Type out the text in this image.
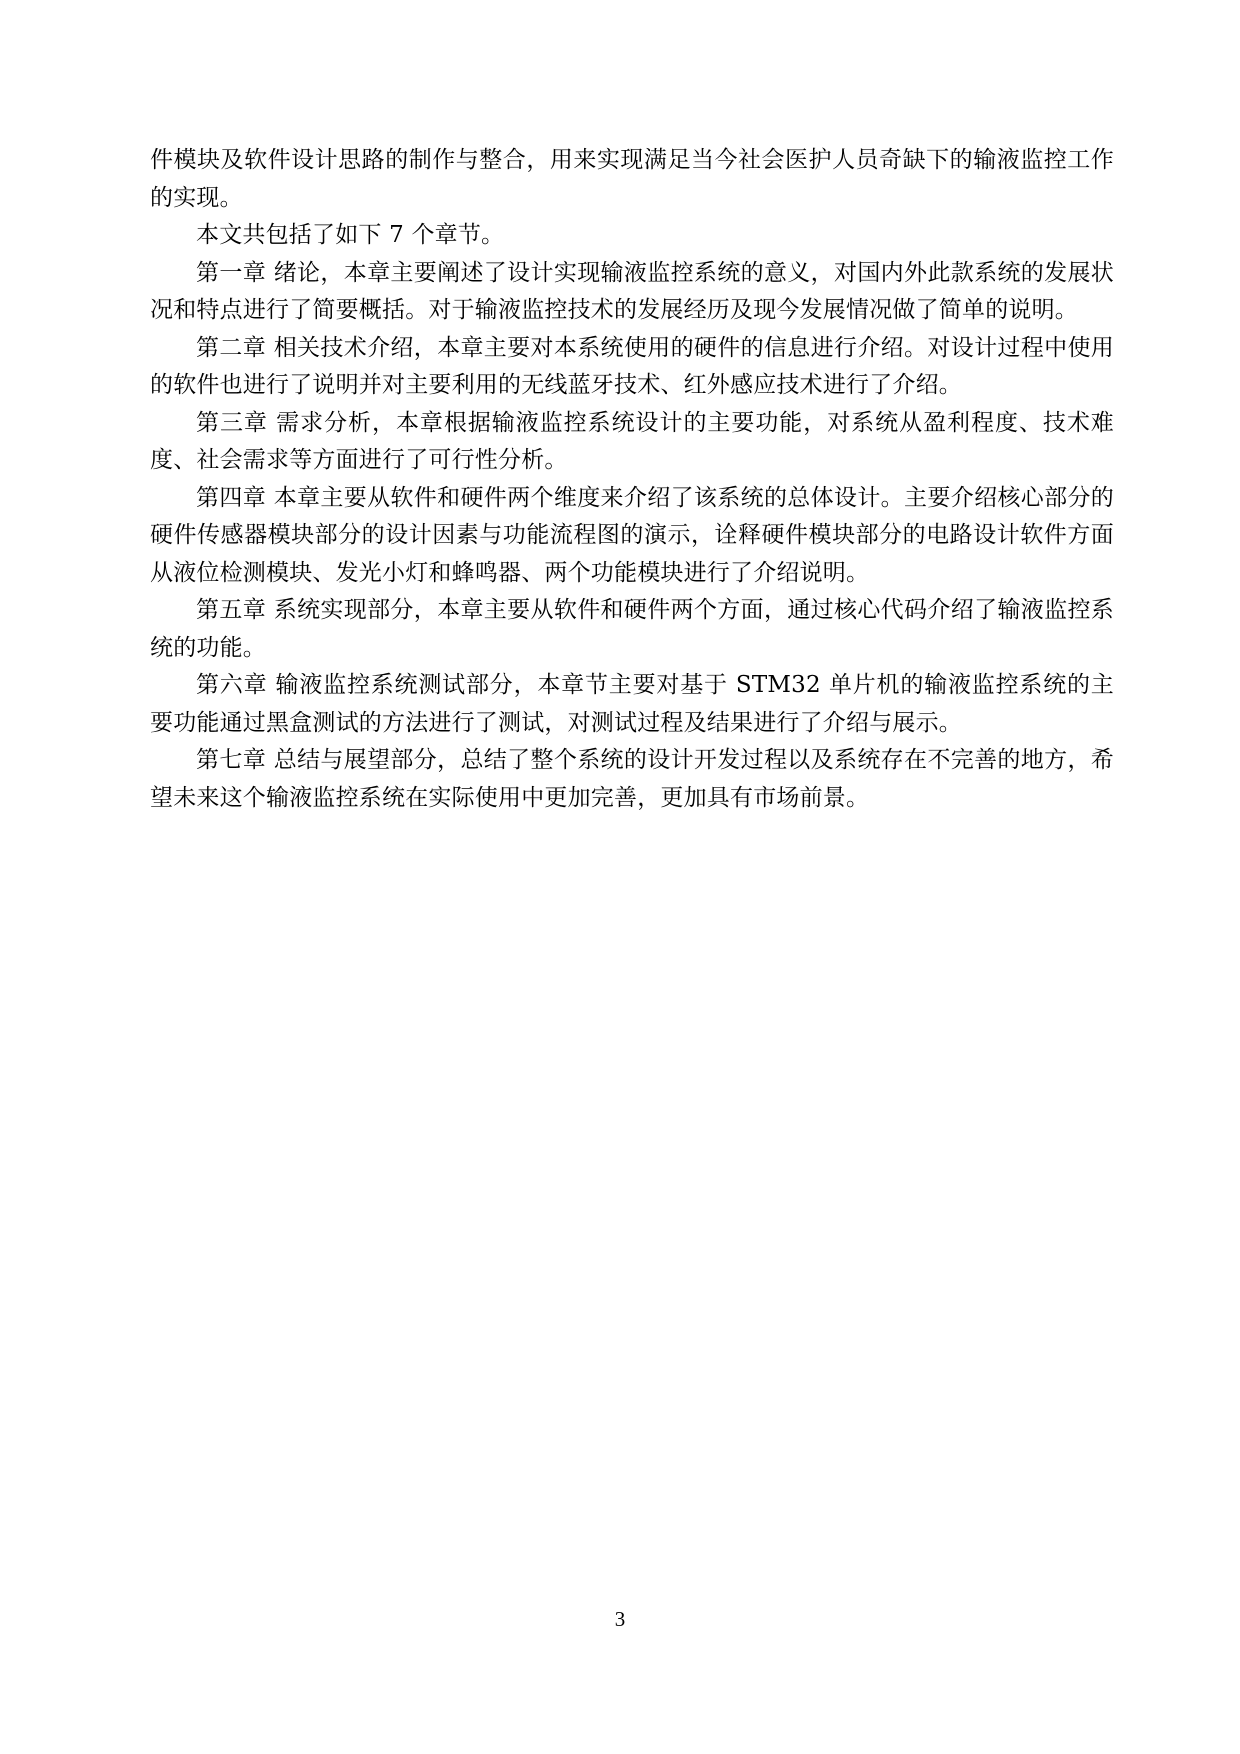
件模块及软件设计思路的制作与整合，用来实现满足当今社会医护人员奇缺下的输液监控工作的实现。

本文共包括了如下 7 个章节。

第一章 绪论，本章主要阐述了设计实现输液监控系统的意义，对国内外此款系统的发展状况和特点进行了简要概括。对于输液监控技术的发展经历及现今发展情况做了简单的说明。

第二章 相关技术介绍，本章主要对本系统使用的硬件的信息进行介绍。对设计过程中使用的软件也进行了说明并对主要利用的无线蓝牙技术、红外感应技术进行了介绍。

第三章 需求分析，本章根据输液监控系统设计的主要功能，对系统从盈利程度、技术难度、社会需求等方面进行了可行性分析。

第四章 本章主要从软件和硬件两个维度来介绍了该系统的总体设计。主要介绍核心部分的硬件传感器模块部分的设计因素与功能流程图的演示，诠释硬件模块部分的电路设计软件方面从液位检测模块、发光小灯和蜂鸣器、两个功能模块进行了介绍说明。

第五章 系统实现部分，本章主要从软件和硬件两个方面，通过核心代码介绍了输液监控系统的功能。

第六章 输液监控系统测试部分，本章节主要对基于 STM32 单片机的输液监控系统的主要功能通过黑盒测试的方法进行了测试，对测试过程及结果进行了介绍与展示。

第七章 总结与展望部分，总结了整个系统的设计开发过程以及系统存在不完善的地方，希望未来这个输液监控系统在实际使用中更加完善，更加具有市场前景。

3
